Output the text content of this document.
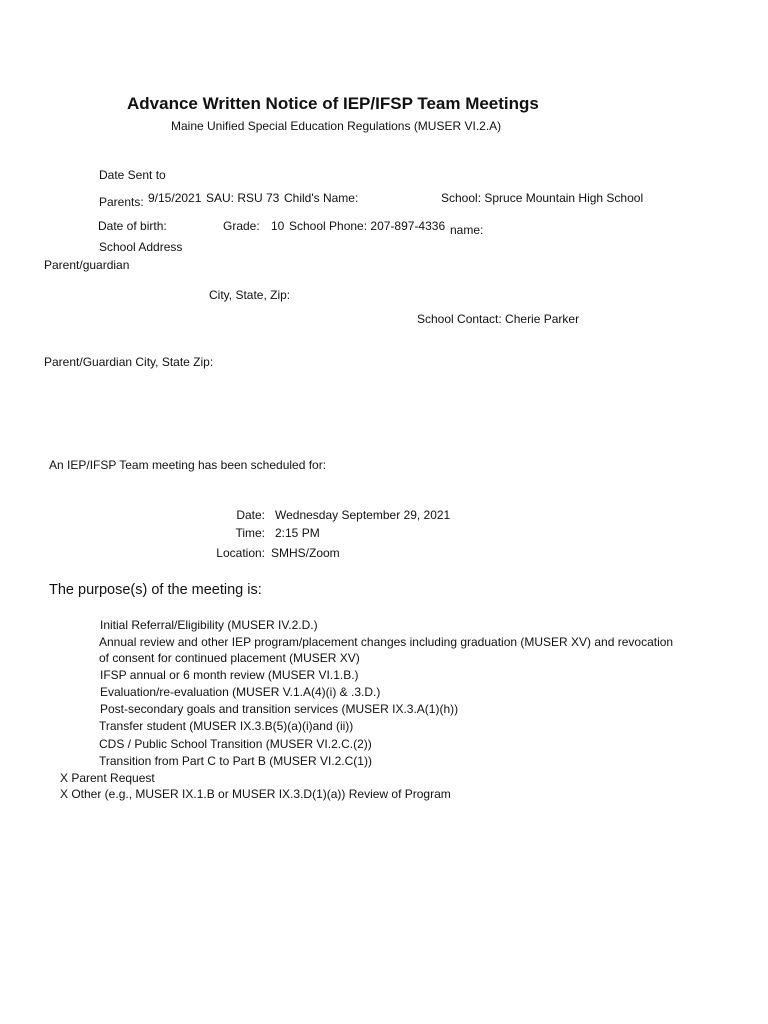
Advance Written Notice of IEP/IFSP Team Meetings
Maine Unified Special Education Regulations (MUSER VI.2.A)
Date Sent to
Parents: 9/15/2021 SAU: RSU 73 Child's Name:	School: Spruce Mountain High School
Date of birth:	Grade: 10 School Phone: 207-897-4336 name:
School Address
Parent/guardian
City, State, Zip:
School Contact: Cherie Parker
Parent/Guardian City, State Zip:
An IEP/IFSP Team meeting has been scheduled for:
Date: Wednesday September 29, 2021
Time: 2:15 PM
Location: SMHS/Zoom
The purpose(s) of the meeting is:
Initial Referral/Eligibility (MUSER IV.2.D.)
Annual review and other IEP program/placement changes including graduation (MUSER XV) and revocation
of consent for continued placement (MUSER XV)
IFSP annual or 6 month review (MUSER VI.1.B.)
Evaluation/re-evaluation (MUSER V.1.A(4)(i) & .3.D.)
Post-secondary goals and transition services (MUSER IX.3.A(1)(h))
Transfer student (MUSER IX.3.B(5)(a)(i)and (ii))
CDS / Public School Transition (MUSER VI.2.C.(2))
Transition from Part C to Part B (MUSER VI.2.C(1))
X Parent Request
X Other (e.g., MUSER IX.1.B or MUSER IX.3.D(1)(a)) Review of Program
